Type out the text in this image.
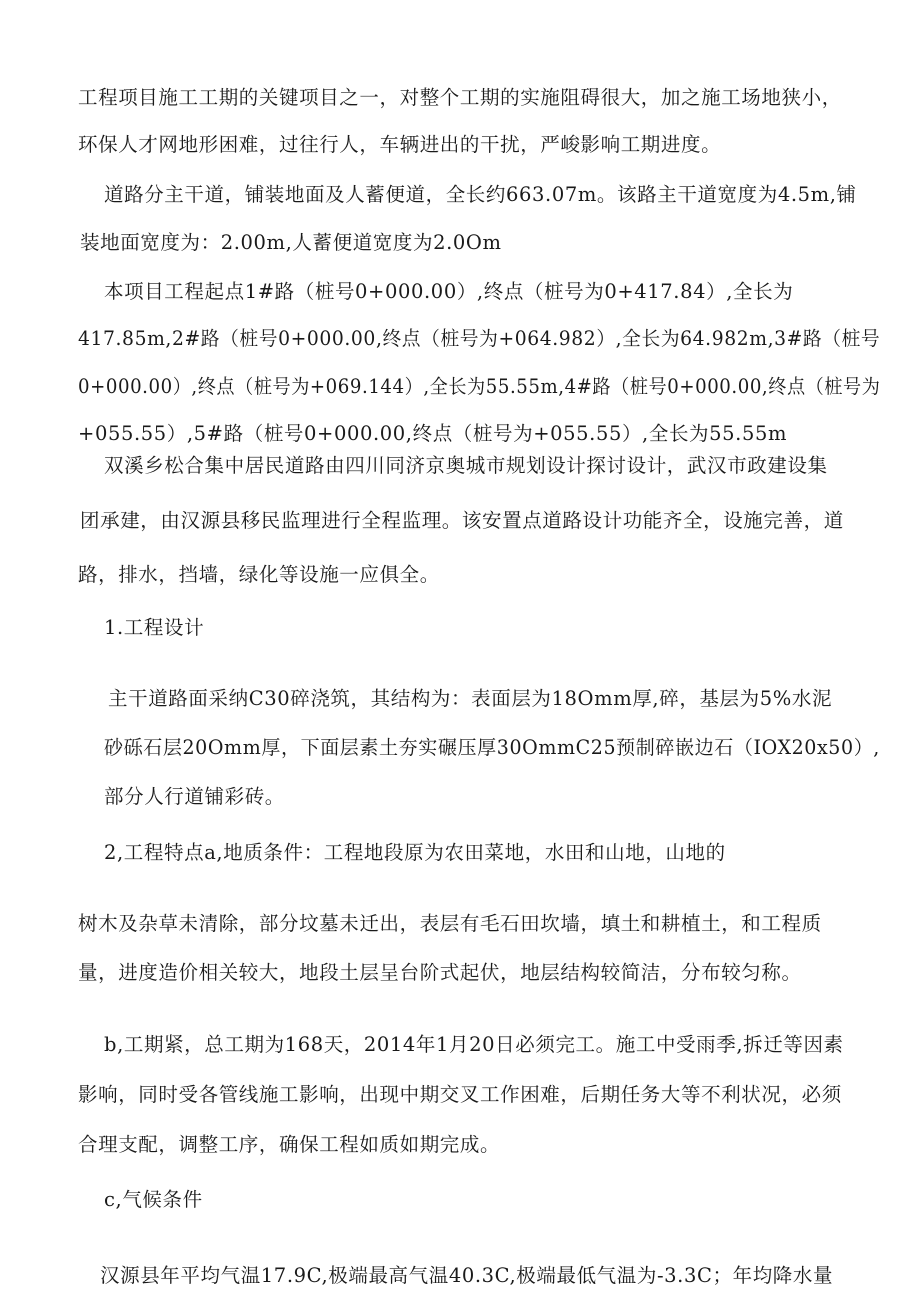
工程项目施工工期的关键项目之一，对整个工期的实施阻碍很大，加之施工场地狭小，

环保人才网地形困难，过往行人，车辆进出的干扰，严峻影响工期进度。

道路分主干道，铺装地面及人蓄便道，全长约663.07m。该路主干道宽度为4.5m,铺

装地面宽度为：2.00m,人蓄便道宽度为2.0Om

本项目工程起点1#路（桩号0+000.00）,终点（桩号为0+417.84）,全长为

417.85m,2#路（桩号0+000.00,终点（桩号为+064.982）,全长为64.982m,3#路（桩号

0+000.00）,终点（桩号为+069.144）,全长为55.55m,4#路（桩号0+000.00,终点（桩号为

+055.55）,5#路（桩号0+000.00,终点（桩号为+055.55）,全长为55.55m

双溪乡松合集中居民道路由四川同济京奥城市规划设计探讨设计，武汉市政建设集

团承建，由汉源县移民监理进行全程监理。该安置点道路设计功能齐全，设施完善，道

路，排水，挡墙，绿化等设施一应俱全。

1.工程设计

主干道路面采纳C30碎浇筑，其结构为：表面层为18Omm厚,碎，基层为5%水泥

砂砾石层20Omm厚，下面层素土夯实碾压厚30OmmC25预制碎嵌边石（IOX20x50）,

部分人行道铺彩砖。

2,工程特点a,地质条件：工程地段原为农田菜地，水田和山地，山地的

树木及杂草未清除，部分坟墓未迁出，表层有毛石田坎墙，填土和耕植土，和工程质

量，进度造价相关较大，地段土层呈台阶式起伏，地层结构较简洁，分布较匀称。

b,工期紧，总工期为168天，2014年1月20日必须完工。施工中受雨季,拆迁等因素

影响，同时受各管线施工影响，出现中期交叉工作困难，后期任务大等不利状况，必须

合理支配，调整工序，确保工程如质如期完成。

c,气候条件

汉源县年平均气温17.9C,极端最高气温40.3C,极端最低气温为-3.3C；年均降水量
